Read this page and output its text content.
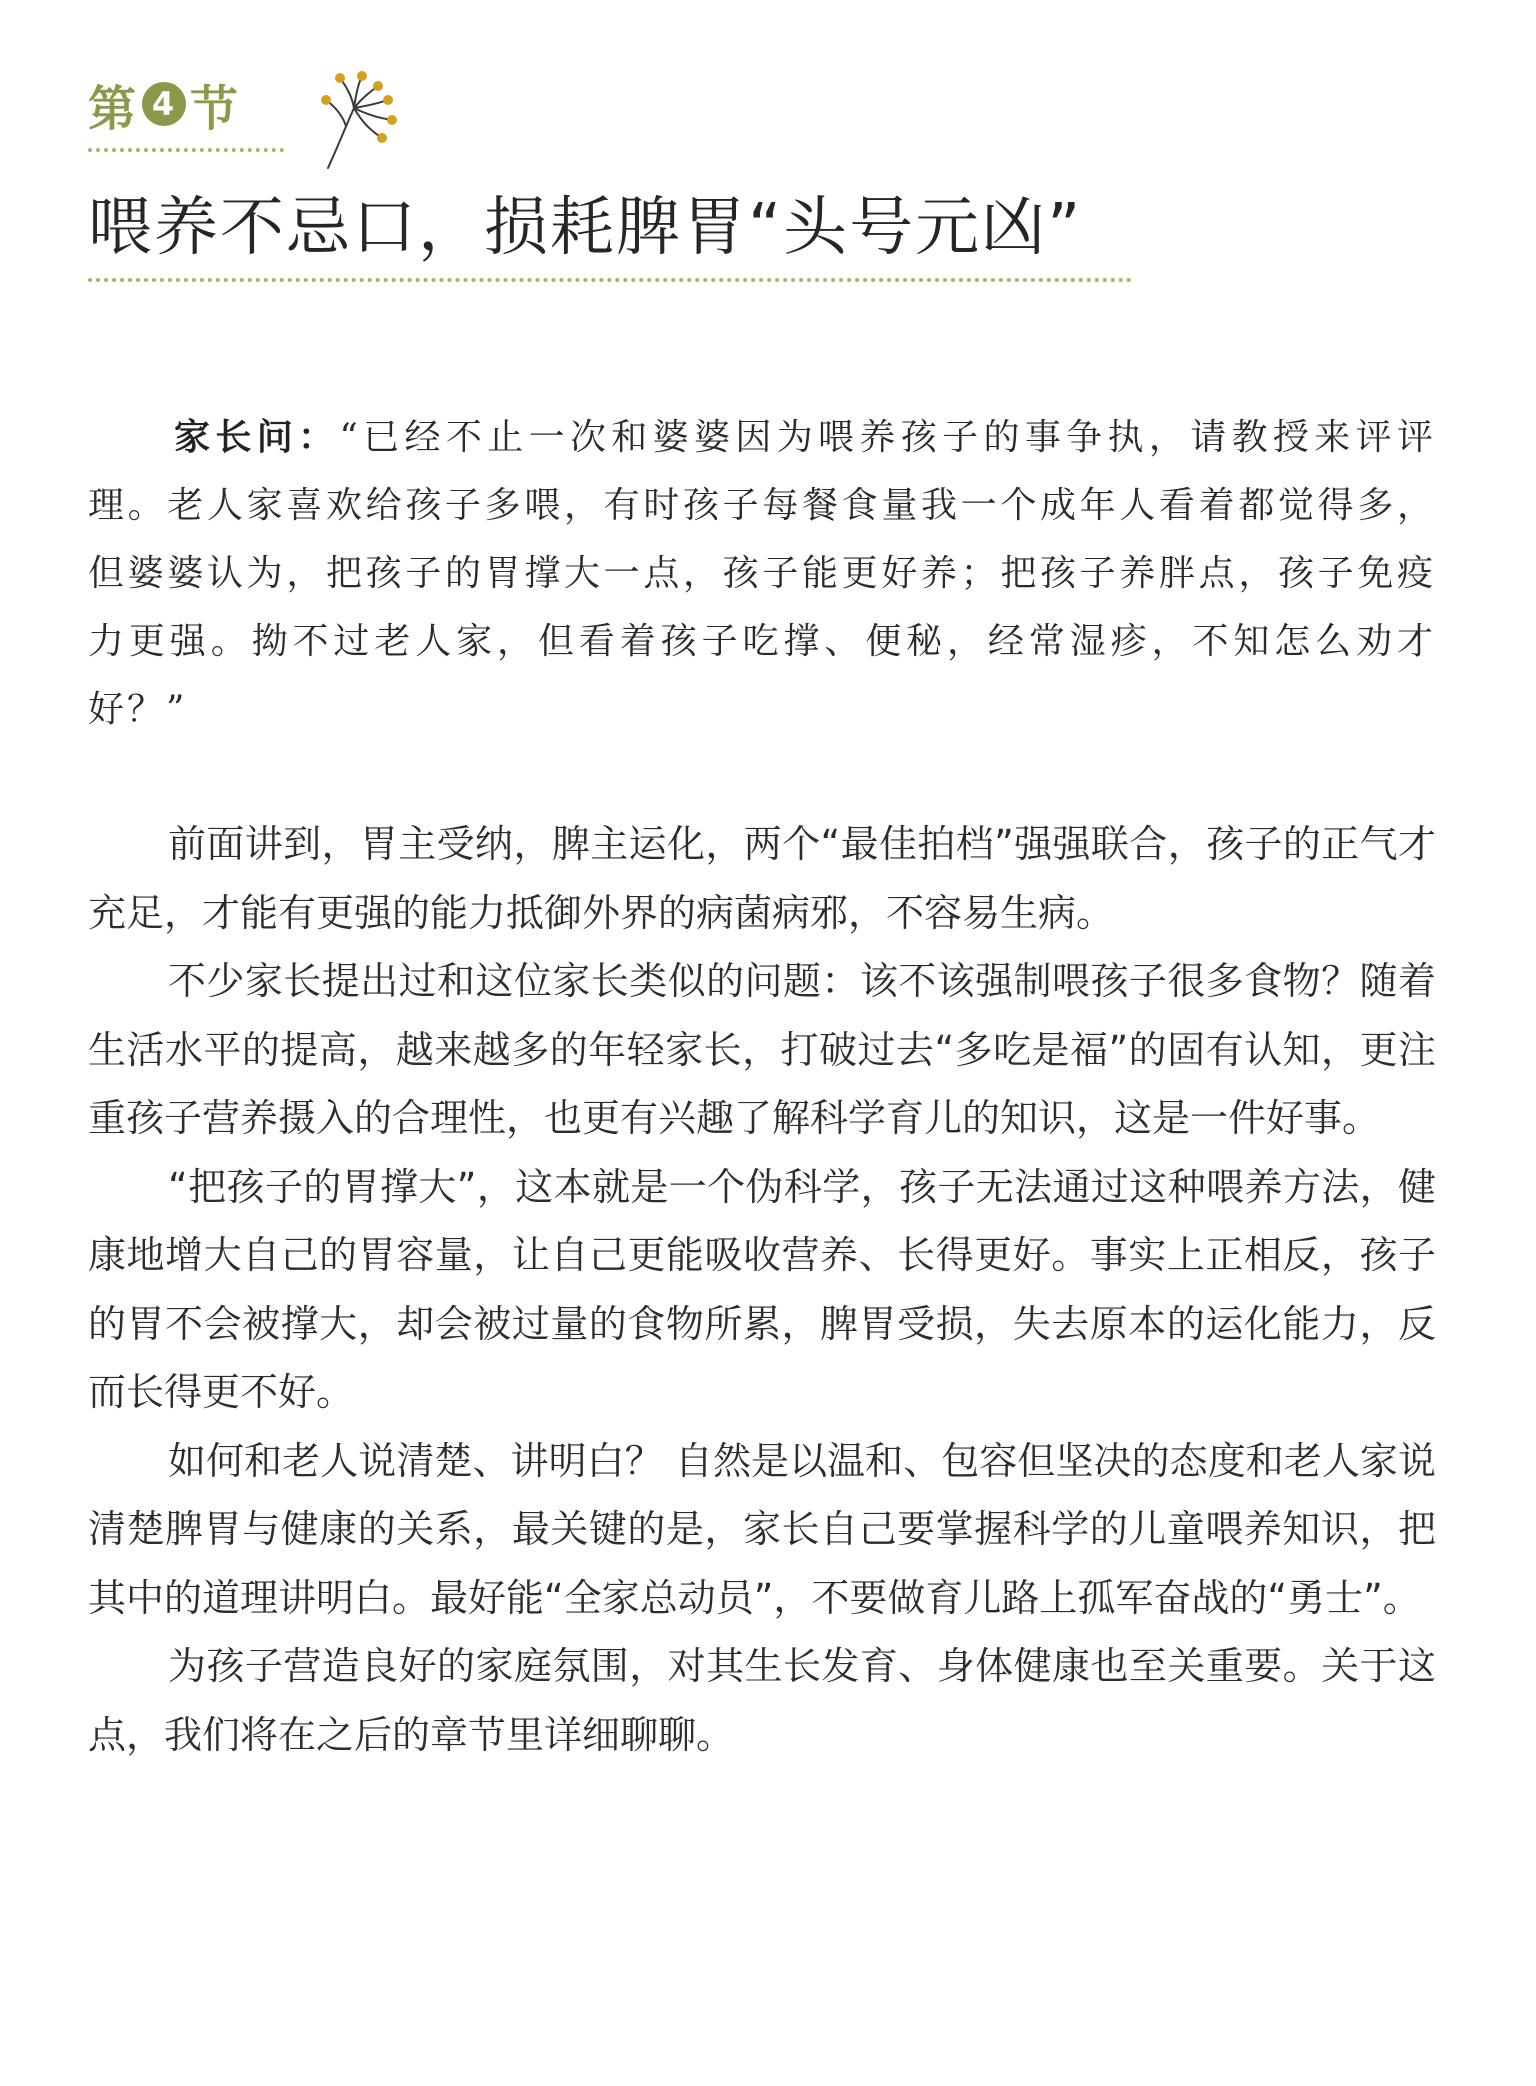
第 4 节
喂养不忌口，损耗脾胃“头号元凶”

家长问：“已经不止一次和婆婆因为喂养孩子的事争执，请教授来评评理。老人家喜欢给孩子多喂，有时孩子每餐食量我一个成年人看着都觉得多，但婆婆认为，把孩子的胃撑大一点，孩子能更好养；把孩子养胖点，孩子免疫力更强。拗不过老人家，但看着孩子吃撑、便秘，经常湿疹，不知怎么劝才好？”

前面讲到，胃主受纳，脾主运化，两个“最佳拍档”强强联合，孩子的正气才充足，才能有更强的能力抵御外界的病菌病邪，不容易生病。

不少家长提出过和这位家长类似的问题：该不该强制喂孩子很多食物？随着生活水平的提高，越来越多的年轻家长，打破过去“多吃是福”的固有认知，更注重孩子营养摄入的合理性，也更有兴趣了解科学育儿的知识，这是一件好事。

“把孩子的胃撑大”，这本就是一个伪科学，孩子无法通过这种喂养方法，健康地增大自己的胃容量，让自己更能吸收营养、长得更好。事实上正相反，孩子的胃不会被撑大，却会被过量的食物所累，脾胃受损，失去原本的运化能力，反而长得更不好。

如何和老人说清楚、讲明白？ 自然是以温和、包容但坚决的态度和老人家说清楚脾胃与健康的关系，最关键的是，家长自己要掌握科学的儿童喂养知识，把其中的道理讲明白。最好能“全家总动员”，不要做育儿路上孤军奋战的“勇士”。

为孩子营造良好的家庭氛围，对其生长发育、身体健康也至关重要。关于这点，我们将在之后的章节里详细聊聊。
